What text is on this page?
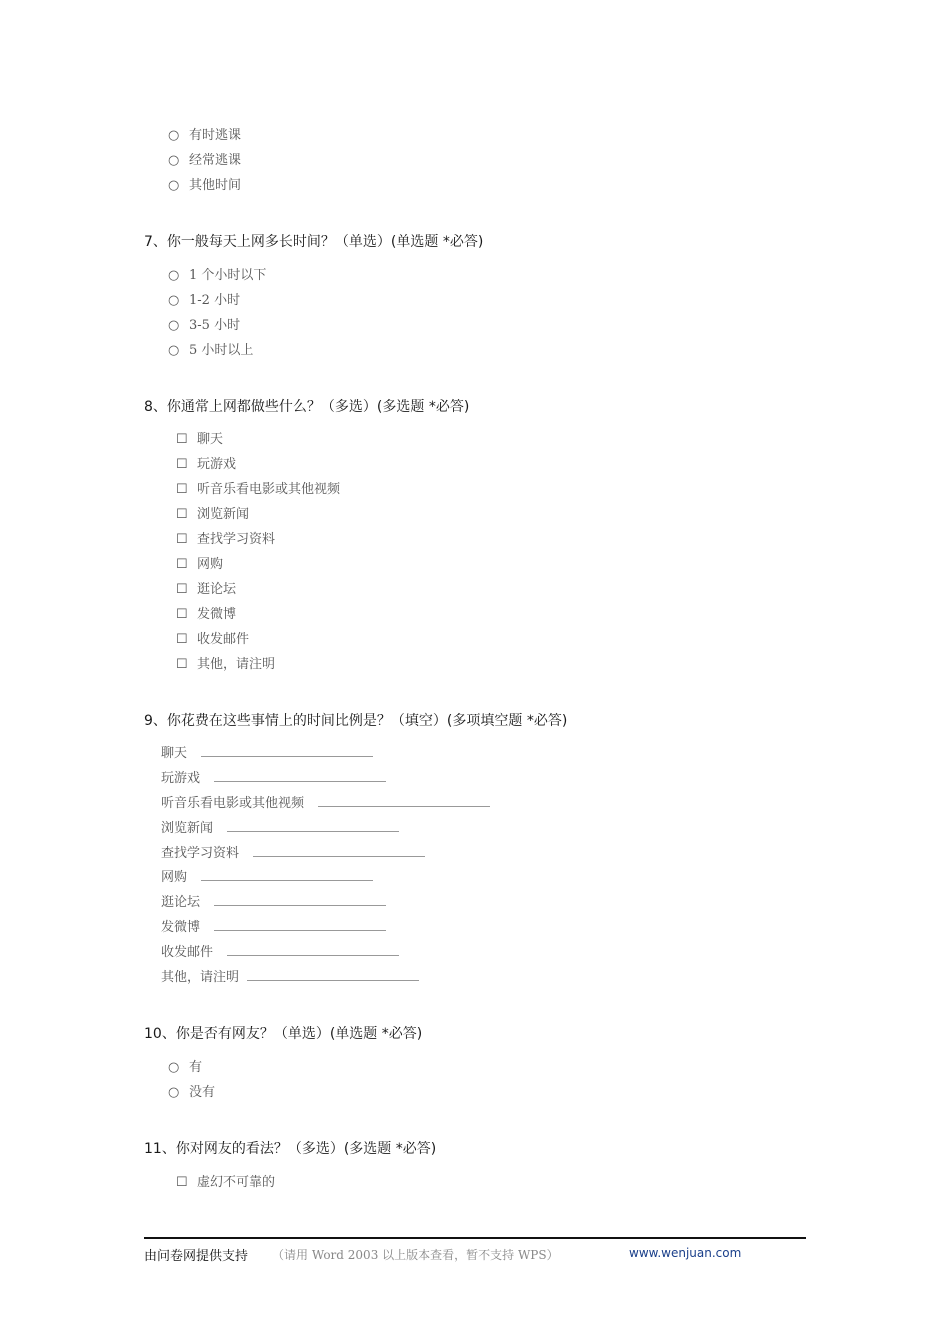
○ 有时逃课
○ 经常逃课
○ 其他时间
7、你一般每天上网多长时间？（单选）(单选题 *必答)
○ 1 个小时以下
○ 1-2 小时
○ 3-5 小时
○ 5 小时以上
8、你通常上网都做些什么？（多选）(多选题 *必答)
☐ 聊天
☐ 玩游戏
☐ 听音乐看电影或其他视频
☐ 浏览新闻
☐ 查找学习资料
☐ 网购
☐ 逛论坛
☐ 发微博
☐ 收发邮件
☐ 其他，请注明
9、你花费在这些事情上的时间比例是？（填空）(多项填空题 *必答)
聊天
玩游戏
听音乐看电影或其他视频
浏览新闻
查找学习资料
网购
逛论坛
发微博
收发邮件
其他，请注明
10、你是否有网友？（单选）(单选题 *必答)
○ 有
○ 没有
11、你对网友的看法？（多选）(多选题 *必答)
☐ 虚幻不可靠的
由问卷网提供支持 （请用 Word 2003 以上版本查看，暂不支持 WPS）	www.wenjuan.com
